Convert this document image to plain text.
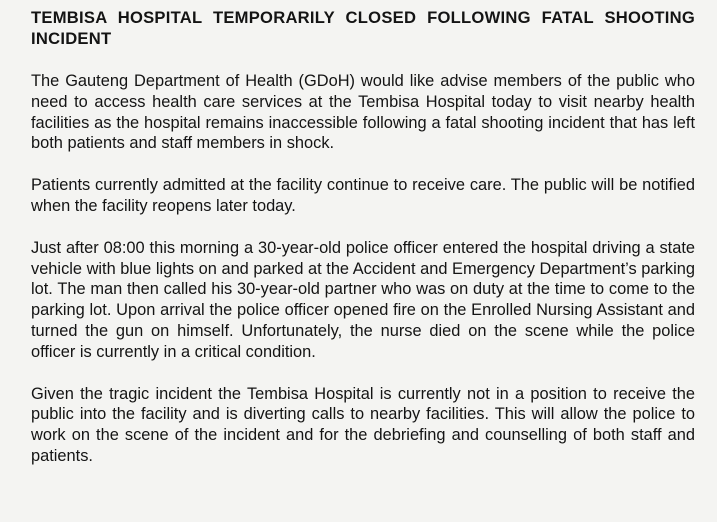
TEMBISA HOSPITAL TEMPORARILY CLOSED FOLLOWING FATAL SHOOTING INCIDENT

The Gauteng Department of Health (GDoH) would like advise members of the public who need to access health care services at the Tembisa Hospital today to visit nearby health facilities as the hospital remains inaccessible following a fatal shooting incident that has left both patients and staff members in shock.

Patients currently admitted at the facility continue to receive care. The public will be notified when the facility reopens later today.

Just after 08:00 this morning a 30-year-old police officer entered the hospital driving a state vehicle with blue lights on and parked at the Accident and Emergency Department’s parking lot. The man then called his 30-year-old partner who was on duty at the time to come to the parking lot. Upon arrival the police officer opened fire on the Enrolled Nursing Assistant and turned the gun on himself. Unfortunately, the nurse died on the scene while the police officer is currently in a critical condition.

Given the tragic incident the Tembisa Hospital is currently not in a position to receive the public into the facility and is diverting calls to nearby facilities. This will allow the police to work on the scene of the incident and for the debriefing and counselling of both staff and patients.
